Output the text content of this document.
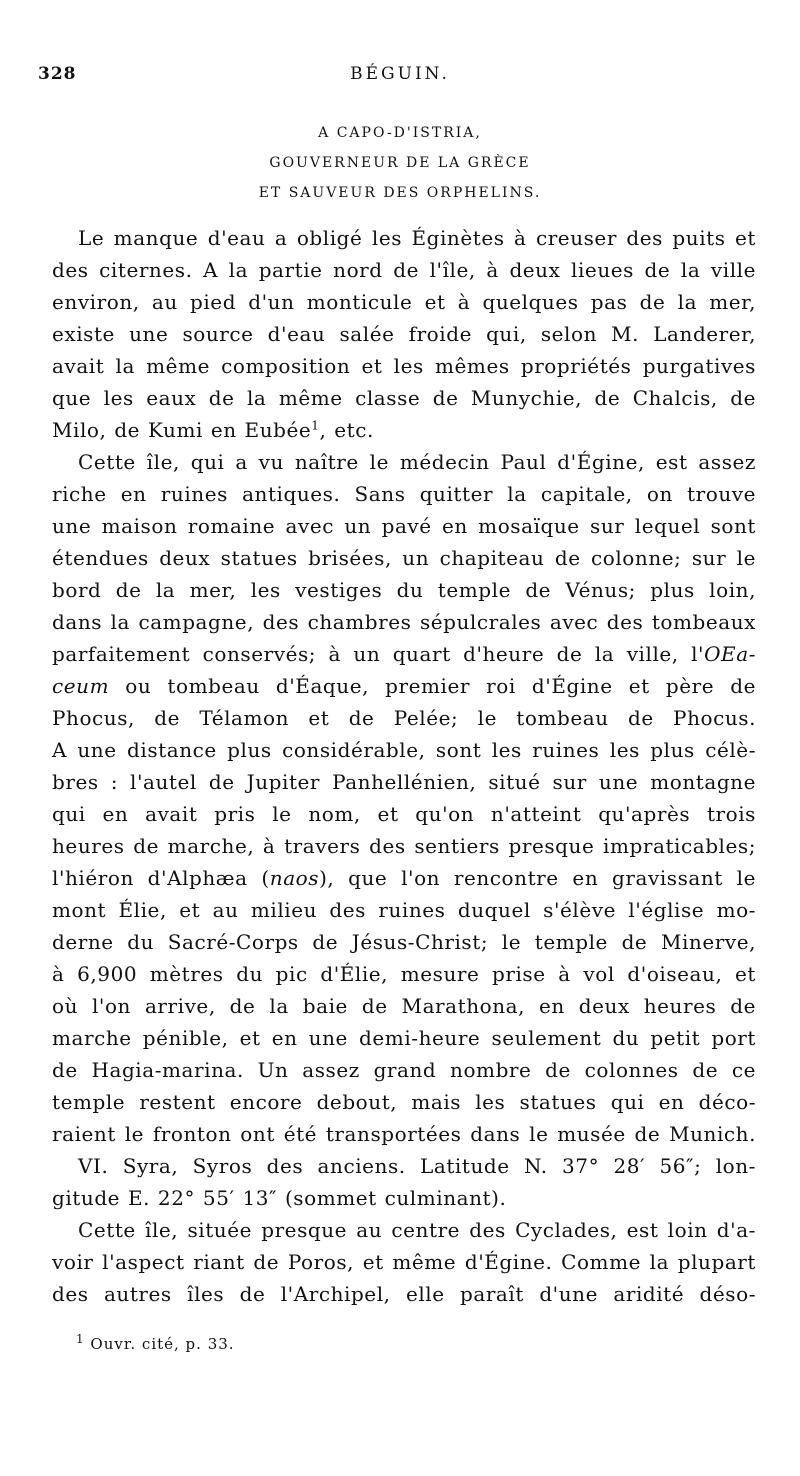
328	BÉGUIN.
A CAPO-D'ISTRIA,
GOUVERNEUR DE LA GRÈCE
ET SAUVEUR DES ORPHELINS.
Le manque d'eau a obligé les Éginètes à creuser des puits et
des citernes. A la partie nord de l'île, à deux lieues de la ville
environ, au pied d'un monticule et à quelques pas de la mer,
existe une source d'eau salée froide qui, selon M. Landerer,
avait la même composition et les mêmes propriétés purgatives
que les eaux de la même classe de Munychie, de Chalcis, de
Milo, de Kumi en Eubée$^1$, etc.
Cette île, qui a vu naître le médecin Paul d'Égine, est assez
riche en ruines antiques. Sans quitter la capitale, on trouve
une maison romaine avec un pavé en mosaïque sur lequel sont
étendues deux statues brisées, un chapiteau de colonne; sur le
bord de la mer, les vestiges du temple de Vénus; plus loin,
dans la campagne, des chambres sépulcrales avec des tombeaux
parfaitement conservés; à un quart d'heure de la ville, l'OEa-
ceum ou tombeau d'Éaque, premier roi d'Égine et père de
Phocus, de Télamon et de Pelée; le tombeau de Phocus.
A une distance plus considérable, sont les ruines les plus célè-
bres : l'autel de Jupiter Panhellénien, situé sur une montagne
qui en avait pris le nom, et qu'on n'atteint qu'après trois
heures de marche, à travers des sentiers presque impraticables;
l'hiéron d'Alphæa (naos), que l'on rencontre en gravissant le
mont Élie, et au milieu des ruines duquel s'élève l'église mo-
derne du Sacré-Corps de Jésus-Christ; le temple de Minerve,
à 6,900 mètres du pic d'Élie, mesure prise à vol d'oiseau, et
où l'on arrive, de la baie de Marathona, en deux heures de
marche pénible, et en une demi-heure seulement du petit port
de Hagia-marina. Un assez grand nombre de colonnes de ce
temple restent encore debout, mais les statues qui en déco-
raient le fronton ont été transportées dans le musée de Munich.
VI. Syra, Syros des anciens. Latitude N. 37° 28′ 56″; lon-
gitude E. 22° 55′ 13″ (sommet culminant).
Cette île, située presque au centre des Cyclades, est loin d'a-
voir l'aspect riant de Poros, et même d'Égine. Comme la plupart
des autres îles de l'Archipel, elle paraît d'une aridité déso-
$^1$ Ouvr. cité, p. 33.
